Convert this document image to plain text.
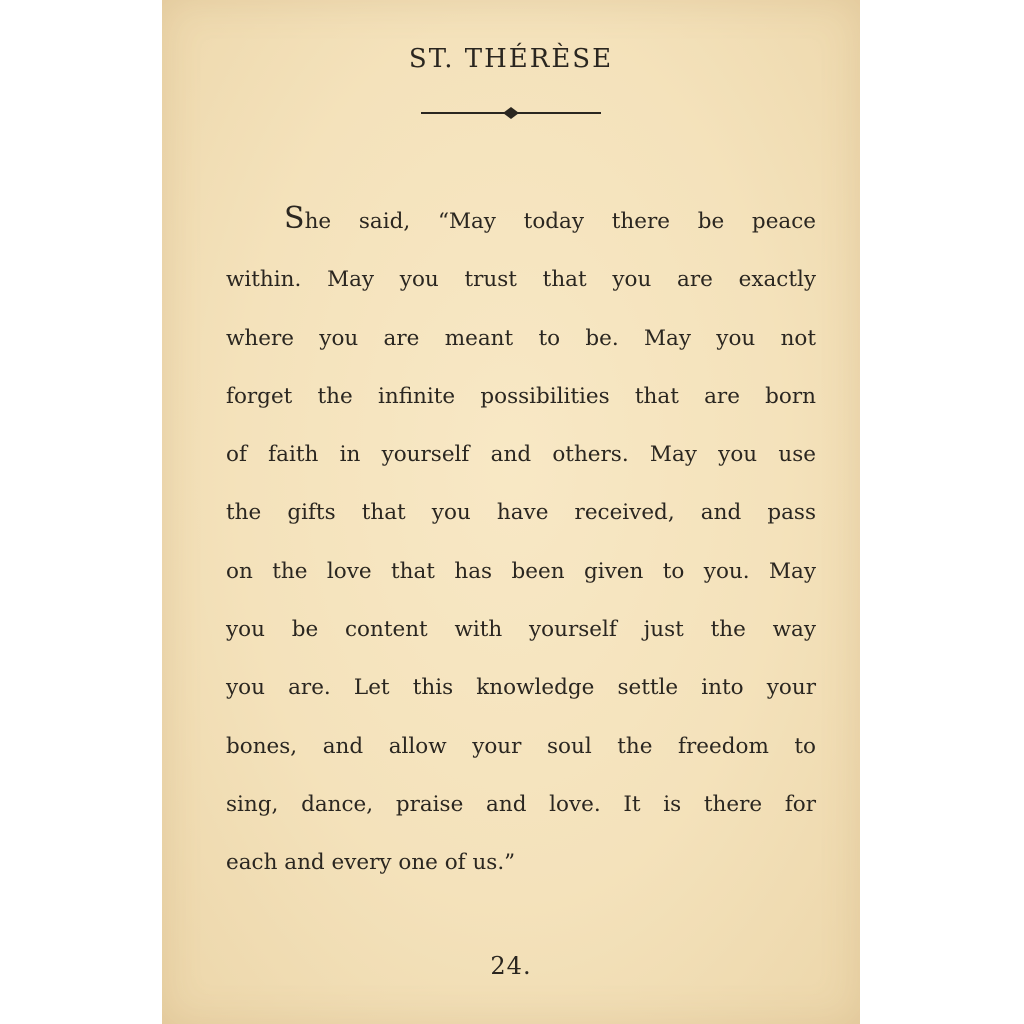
ST. THÉRÈSE
She said, “May today there be peace
within. May you trust that you are exactly
where you are meant to be. May you not
forget the infinite possibilities that are born
of faith in yourself and others. May you use
the gifts that you have received, and pass
on the love that has been given to you. May
you be content with yourself just the way
you are. Let this knowledge settle into your
bones, and allow your soul the freedom to
sing, dance, praise and love. It is there for
each and every one of us.”
24.
